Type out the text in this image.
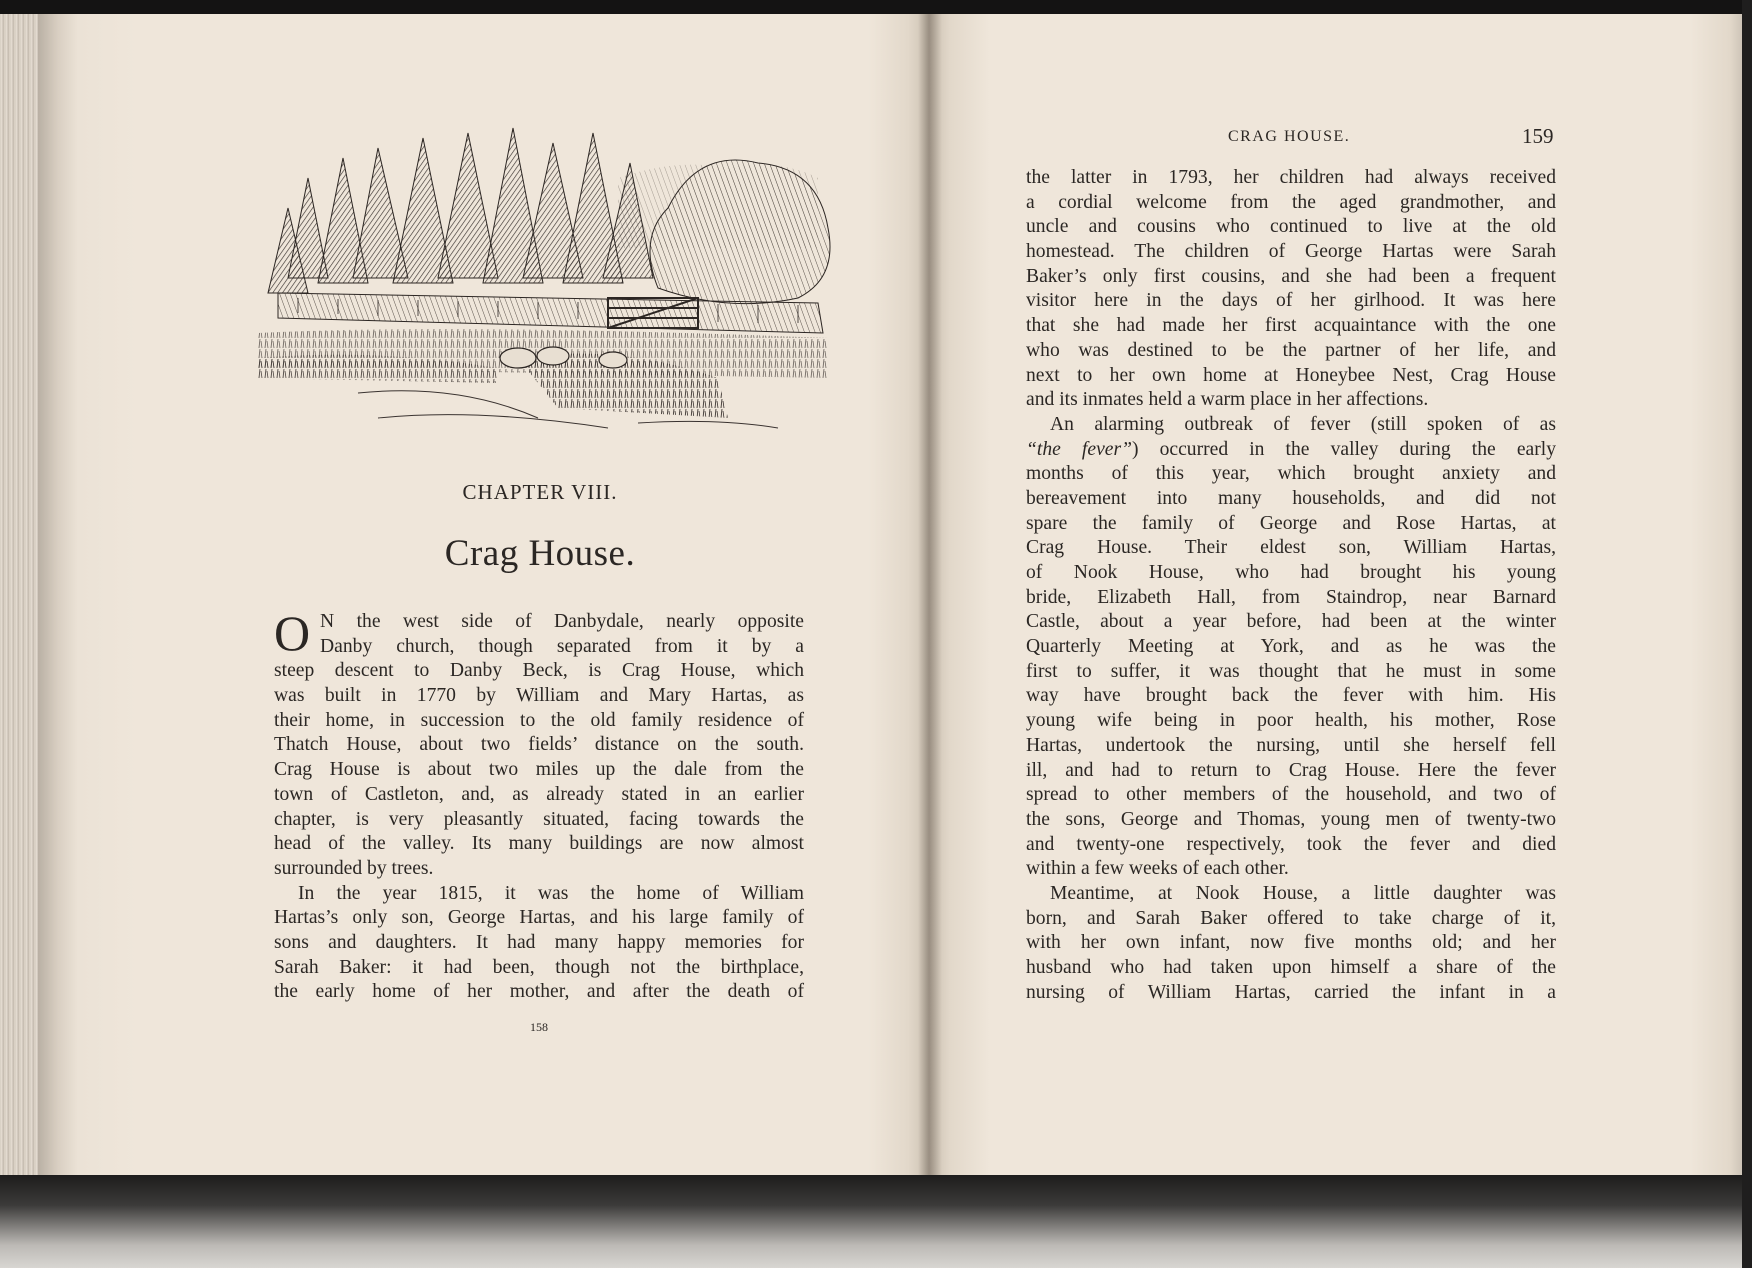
CHAPTER VIII.
Crag House.
O N the west side of Danbydale, nearly opposite
Danby church, though separated from it by a
steep descent to Danby Beck, is Crag House, which
was built in 1770 by William and Mary Hartas, as
their home, in succession to the old family residence of
Thatch House, about two fields’ distance on the south.
Crag House is about two miles up the dale from the
town of Castleton, and, as already stated in an earlier
chapter, is very pleasantly situated, facing towards the
head of the valley. Its many buildings are now almost
surrounded by trees.
In the year 1815, it was the home of William
Hartas’s only son, George Hartas, and his large family of
sons and daughters. It had many happy memories for
Sarah Baker: it had been, though not the birthplace,
the early home of her mother, and after the death of
158
CRAG HOUSE.	159
the latter in 1793, her children had always received
a cordial welcome from the aged grandmother, and
uncle and cousins who continued to live at the old
homestead. The children of George Hartas were Sarah
Baker’s only first cousins, and she had been a frequent
visitor here in the days of her girlhood. It was here
that she had made her first acquaintance with the one
who was destined to be the partner of her life, and
next to her own home at Honeybee Nest, Crag House
and its inmates held a warm place in her affections.
An alarming outbreak of fever (still spoken of as
“the fever”) occurred in the valley during the early
months of this year, which brought anxiety and
bereavement into many households, and did not
spare the family of George and Rose Hartas, at
Crag House. Their eldest son, William Hartas,
of Nook House, who had brought his young
bride, Elizabeth Hall, from Staindrop, near Barnard
Castle, about a year before, had been at the winter
Quarterly Meeting at York, and as he was the
first to suffer, it was thought that he must in some
way have brought back the fever with him. His
young wife being in poor health, his mother, Rose
Hartas, undertook the nursing, until she herself fell
ill, and had to return to Crag House. Here the fever
spread to other members of the household, and two of
the sons, George and Thomas, young men of twenty-two
and twenty-one respectively, took the fever and died
within a few weeks of each other.
Meantime, at Nook House, a little daughter was
born, and Sarah Baker offered to take charge of it,
with her own infant, now five months old; and her
husband who had taken upon himself a share of the
nursing of William Hartas, carried the infant in a
